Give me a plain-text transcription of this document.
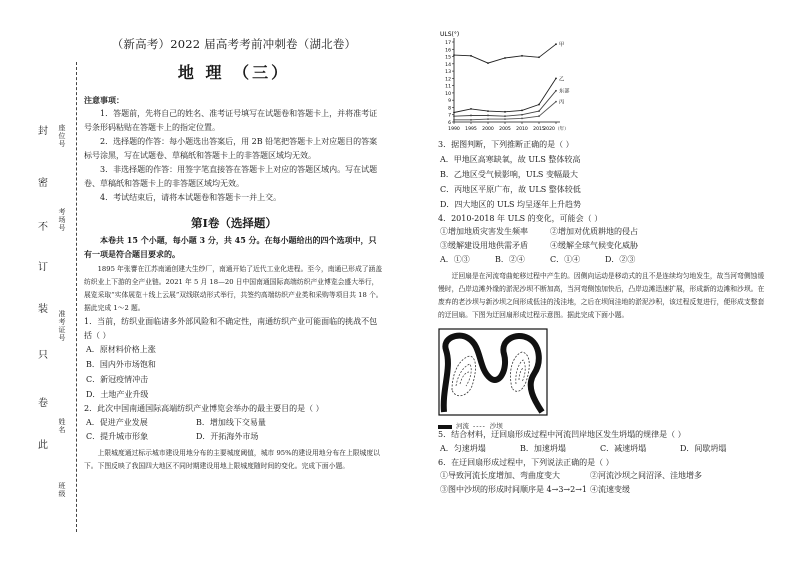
封
密
不
订
装
只
卷
此
座位号
考场号
准考证号
姓名
班级
（新高考）2022 届高考考前冲刺卷（湖北卷）
地 理 （三）
注意事项：
1．答题前，先将自己的姓名、准考证号填写在试题卷和答题卡上，并将准考证号条形码粘贴在答题卡上的指定位置。
2．选择题的作答：每小题选出答案后，用 2B 铅笔把答题卡上对应题目的答案标号涂黑，写在试题卷、草稿纸和答题卡上的非答题区域均无效。
3．非选择题的作答：用签字笔直接答在答题卡上对应的答题区域内。写在试题卷、草稿纸和答题卡上的非答题区域均无效。
4．考试结束后，请将本试题卷和答题卡一并上交。
第Ⅰ卷（选择题）
本卷共 15 个小题，每小题 3 分，共 45 分。在每小题给出的四个选项中，只有一项是符合题目要求的。
1895 年张謇在江苏南通创建大生纱厂，南通开始了近代工业化进程。至今，南通已形成了涵盖纺织业上下游的全产业链。2021 年 5 月 18—20 日中国南通国际高端纺织产业博览会盛大举行，展览采取“实体展览＋线上云展”双线联动形式举行，共签约高端纺织产业类和采购等项目共 18 个。据此完成 1～2 题。
1．当前，纺织业面临诸多外部风险和不确定性，南通纺织产业可能面临的挑战不包括（ ）
A．原材料价格上涨
B．国内外市场饱和
C．新冠疫情冲击
D．土地产业升级
2．此次中国南通国际高端纺织产业博览会举办的最主要目的是（ ）
A．促进产业发展	B．增加线下交易量
C．提升城市形象	D．开拓海外市场
上限城度通过标示城市建设用地分布的主要城度阈值，城市 95%的建设用地分布在上限城度以下。下图反映了我国四大地区不同时期建设用地上限城度随时间的变化。完成下面小题。
ULS(°)
6
7
8
9
10
11
12
13
14
15
16
17
1990 1995 2000 2005 2010 2015
2020（年）
甲
乙
东部
丙
3．据图判断，下列推断正确的是（ ）
A．甲地区高寒缺氧，故 ULS 整体较高
B．乙地区受气候影响，ULS 变幅最大
C．丙地区平原广布，故 ULS 整体较低
D．四大地区的 ULS 均呈逐年上升趋势
4．2010-2018 年 ULS 的变化，可能会（ ）
①增加地质灾害发生频率	②增加对优质耕地的侵占
③缓解建设用地供需矛盾	④缓解全球气候变化威胁
A．①③	B．②④	C．①④	D．②③
迂回扇是在河流弯曲蛇移过程中产生的。因侧向运动是移动式的且不是连续均匀地发生，故当河弯侧蚀缓慢时，凸岸边滩外缘的淤泥沙坝不断加高，当河弯侧蚀加快后，凸岸边滩迅速扩展，形成新的边滩和沙坝。在废弃的老沙坝与新沙坝之间形成低洼的浅洼地，之后在坝间洼地的淤泥沙积，该过程反复进行，便形成支整套的迂回扇。下图为迂回扇形成过程示意图。据此完成下面小题。
河流 ---- 沙坝
5．结合材料，迂回扇形成过程中河流凹岸地区发生坍塌的规律是（ ）
A．匀速坍塌	B．加速坍塌	C．减速坍塌	D．间歇坍塌
6．在迂回扇形成过程中，下列说法正确的是（ ）
①导致河流长度增加、弯曲度变大	②河流沙坝之间沼泽、洼地增多
③图中沙坝的形成时间顺序是 4→3→2→1 ④流速变缓
